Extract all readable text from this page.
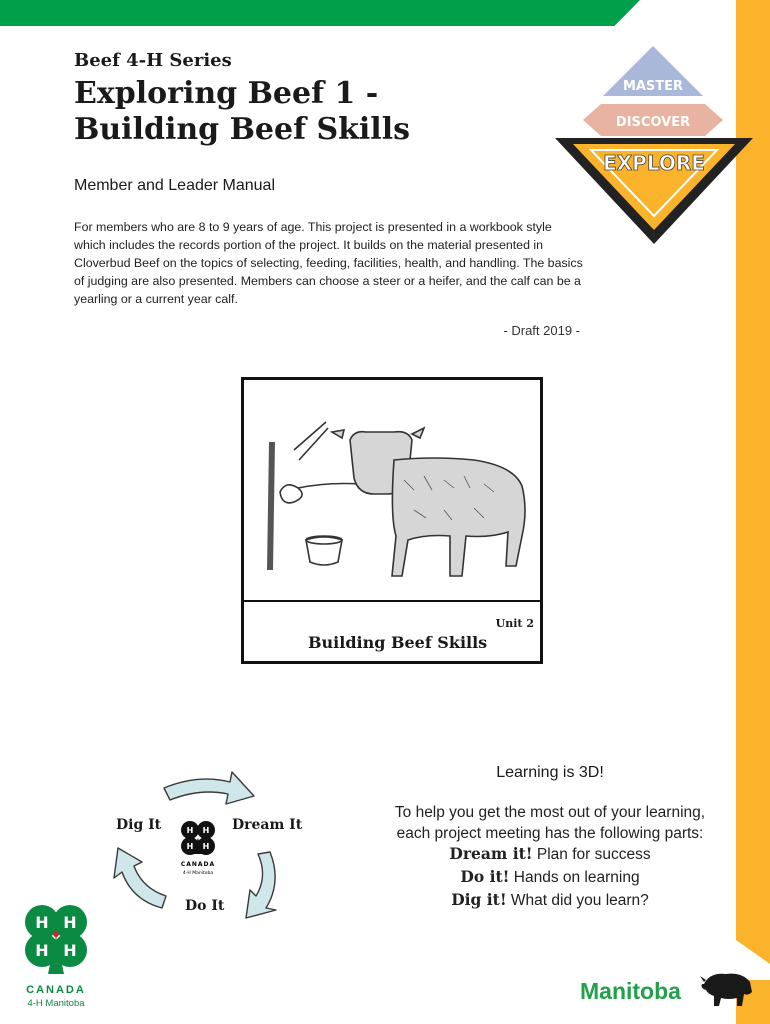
Beef 4-H Series
Exploring Beef 1 -
Building Beef Skills
Member and Leader Manual
For members who are 8 to 9 years of age. This project is presented in a workbook style which includes the records portion of the project. It builds on the material presented in Cloverbud Beef on the topics of selecting, feeding, facilities, health, and handling. The basics of judging are also presented. Members can choose a steer or a heifer, and the calf can be a yearling or a current year calf.
- Draft 2019 -
MASTER
DISCOVER
EXPLORE
Unit 2
Building Beef Skills
Dig It	Dream It
Do It
H H
H H
CANADA
4-H Manitoba
Learning is 3D!
To help you get the most out of your learning,
each project meeting has the following parts:
Dream it! Plan for success
Do it! Hands on learning
Dig it! What did you learn?
H H
H H
CANADA
4-H Manitoba	Manitoba
